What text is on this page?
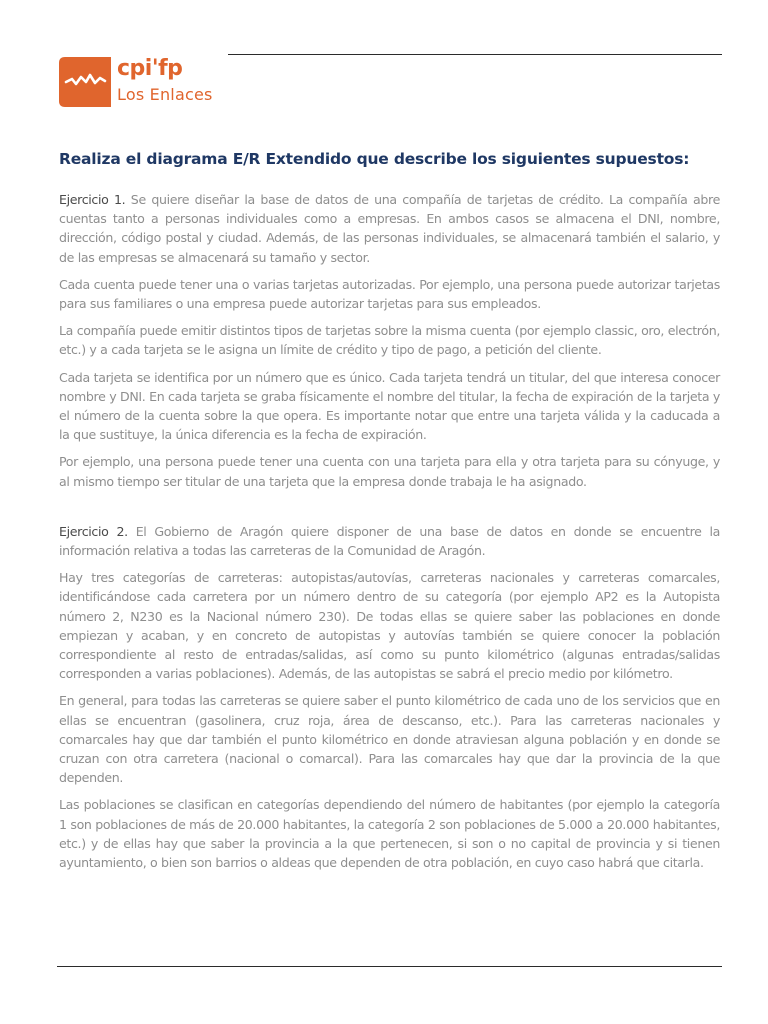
cpi'fp
Los Enlaces
Realiza el diagrama E/R Extendido que describe los siguientes supuestos:

Ejercicio 1. Se quiere diseñar la base de datos de una compañía de tarjetas de crédito. La compañía abre cuentas tanto a personas individuales como a empresas. En ambos casos se almacena el DNI, nombre, dirección, código postal y ciudad. Además, de las personas individuales, se almacenará también el salario, y de las empresas se almacenará su tamaño y sector.

Cada cuenta puede tener una o varias tarjetas autorizadas. Por ejemplo, una persona puede autorizar tarjetas para sus familiares o una empresa puede autorizar tarjetas para sus empleados.

La compañía puede emitir distintos tipos de tarjetas sobre la misma cuenta (por ejemplo classic, oro, electrón, etc.) y a cada tarjeta se le asigna un límite de crédito y tipo de pago, a petición del cliente.

Cada tarjeta se identifica por un número que es único. Cada tarjeta tendrá un titular, del que interesa conocer nombre y DNI. En cada tarjeta se graba físicamente el nombre del titular, la fecha de expiración de la tarjeta y el número de la cuenta sobre la que opera. Es importante notar que entre una tarjeta válida y la caducada a la que sustituye, la única diferencia es la fecha de expiración.

Por ejemplo, una persona puede tener una cuenta con una tarjeta para ella y otra tarjeta para su cónyuge, y al mismo tiempo ser titular de una tarjeta que la empresa donde trabaja le ha asignado.

Ejercicio 2. El Gobierno de Aragón quiere disponer de una base de datos en donde se encuentre la información relativa a todas las carreteras de la Comunidad de Aragón.

Hay tres categorías de carreteras: autopistas/autovías, carreteras nacionales y carreteras comarcales, identificándose cada carretera por un número dentro de su categoría (por ejemplo AP2 es la Autopista número 2, N230 es la Nacional número 230). De todas ellas se quiere saber las poblaciones en donde empiezan y acaban, y en concreto de autopistas y autovías también se quiere conocer la población correspondiente al resto de entradas/salidas, así como su punto kilométrico (algunas entradas/salidas corresponden a varias poblaciones). Además, de las autopistas se sabrá el precio medio por kilómetro.

En general, para todas las carreteras se quiere saber el punto kilométrico de cada uno de los servicios que en ellas se encuentran (gasolinera, cruz roja, área de descanso, etc.). Para las carreteras nacionales y comarcales hay que dar también el punto kilométrico en donde atraviesan alguna población y en donde se cruzan con otra carretera (nacional o comarcal). Para las comarcales hay que dar la provincia de la que dependen.

Las poblaciones se clasifican en categorías dependiendo del número de habitantes (por ejemplo la categoría 1 son poblaciones de más de 20.000 habitantes, la categoría 2 son poblaciones de 5.000 a 20.000 habitantes, etc.) y de ellas hay que saber la provincia a la que pertenecen, si son o no capital de provincia y si tienen ayuntamiento, o bien son barrios o aldeas que dependen de otra población, en cuyo caso habrá que citarla.
